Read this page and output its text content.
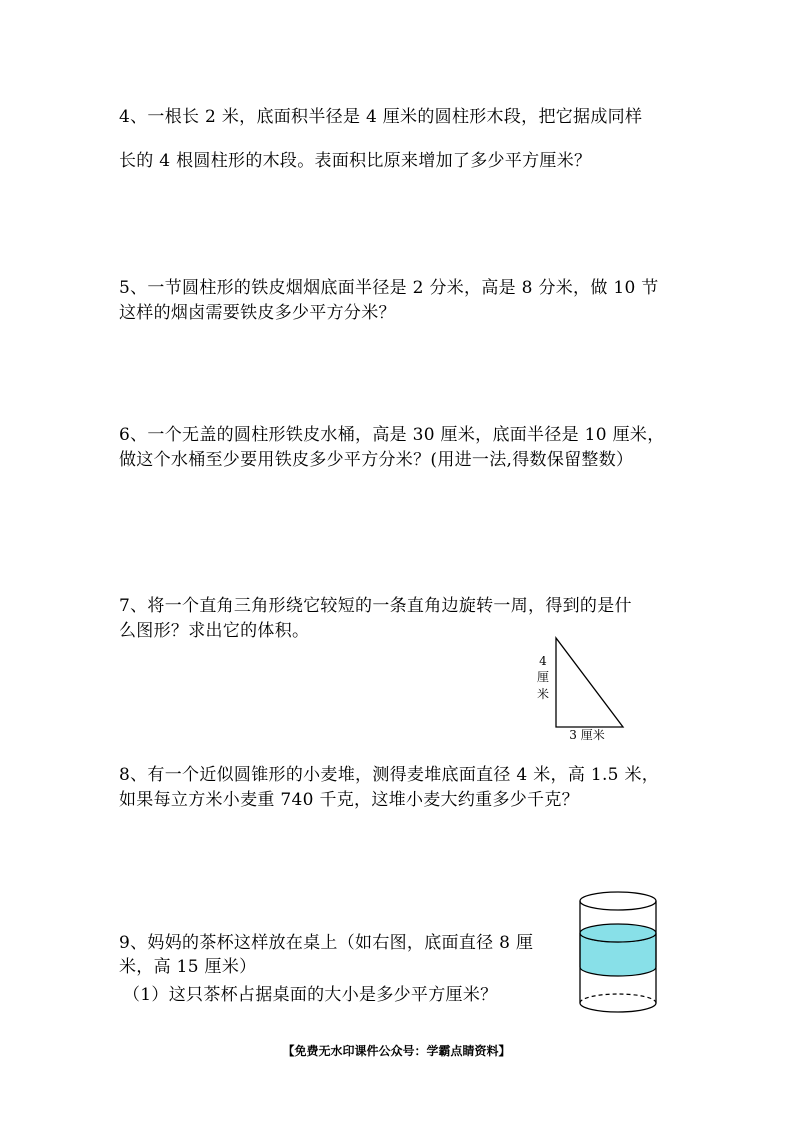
4、一根长 2 米，底面积半径是 4 厘米的圆柱形木段，把它据成同样
长的 4 根圆柱形的木段。表面积比原来增加了多少平方厘米？
5、一节圆柱形的铁皮烟烟底面半径是 2 分米，高是 8 分米，做 10 节
这样的烟卤需要铁皮多少平方分米？
6、一个无盖的圆柱形铁皮水桶，高是 30 厘米，底面半径是 10 厘米，
做这个水桶至少要用铁皮多少平方分米？(用进一法,得数保留整数）
7、将一个直角三角形绕它较短的一条直角边旋转一周，得到的是什
么图形？求出它的体积。
4
厘
米
3 厘米
8、有一个近似圆锥形的小麦堆，测得麦堆底面直径 4 米，高 1.5 米，
如果每立方米小麦重 740 千克，这堆小麦大约重多少千克？
9、妈妈的茶杯这样放在桌上（如右图，底面直径 8 厘
米，高 15 厘米）
（1）这只茶杯占据桌面的大小是多少平方厘米？
【免费无水印课件公众号：学霸点睛资料】
